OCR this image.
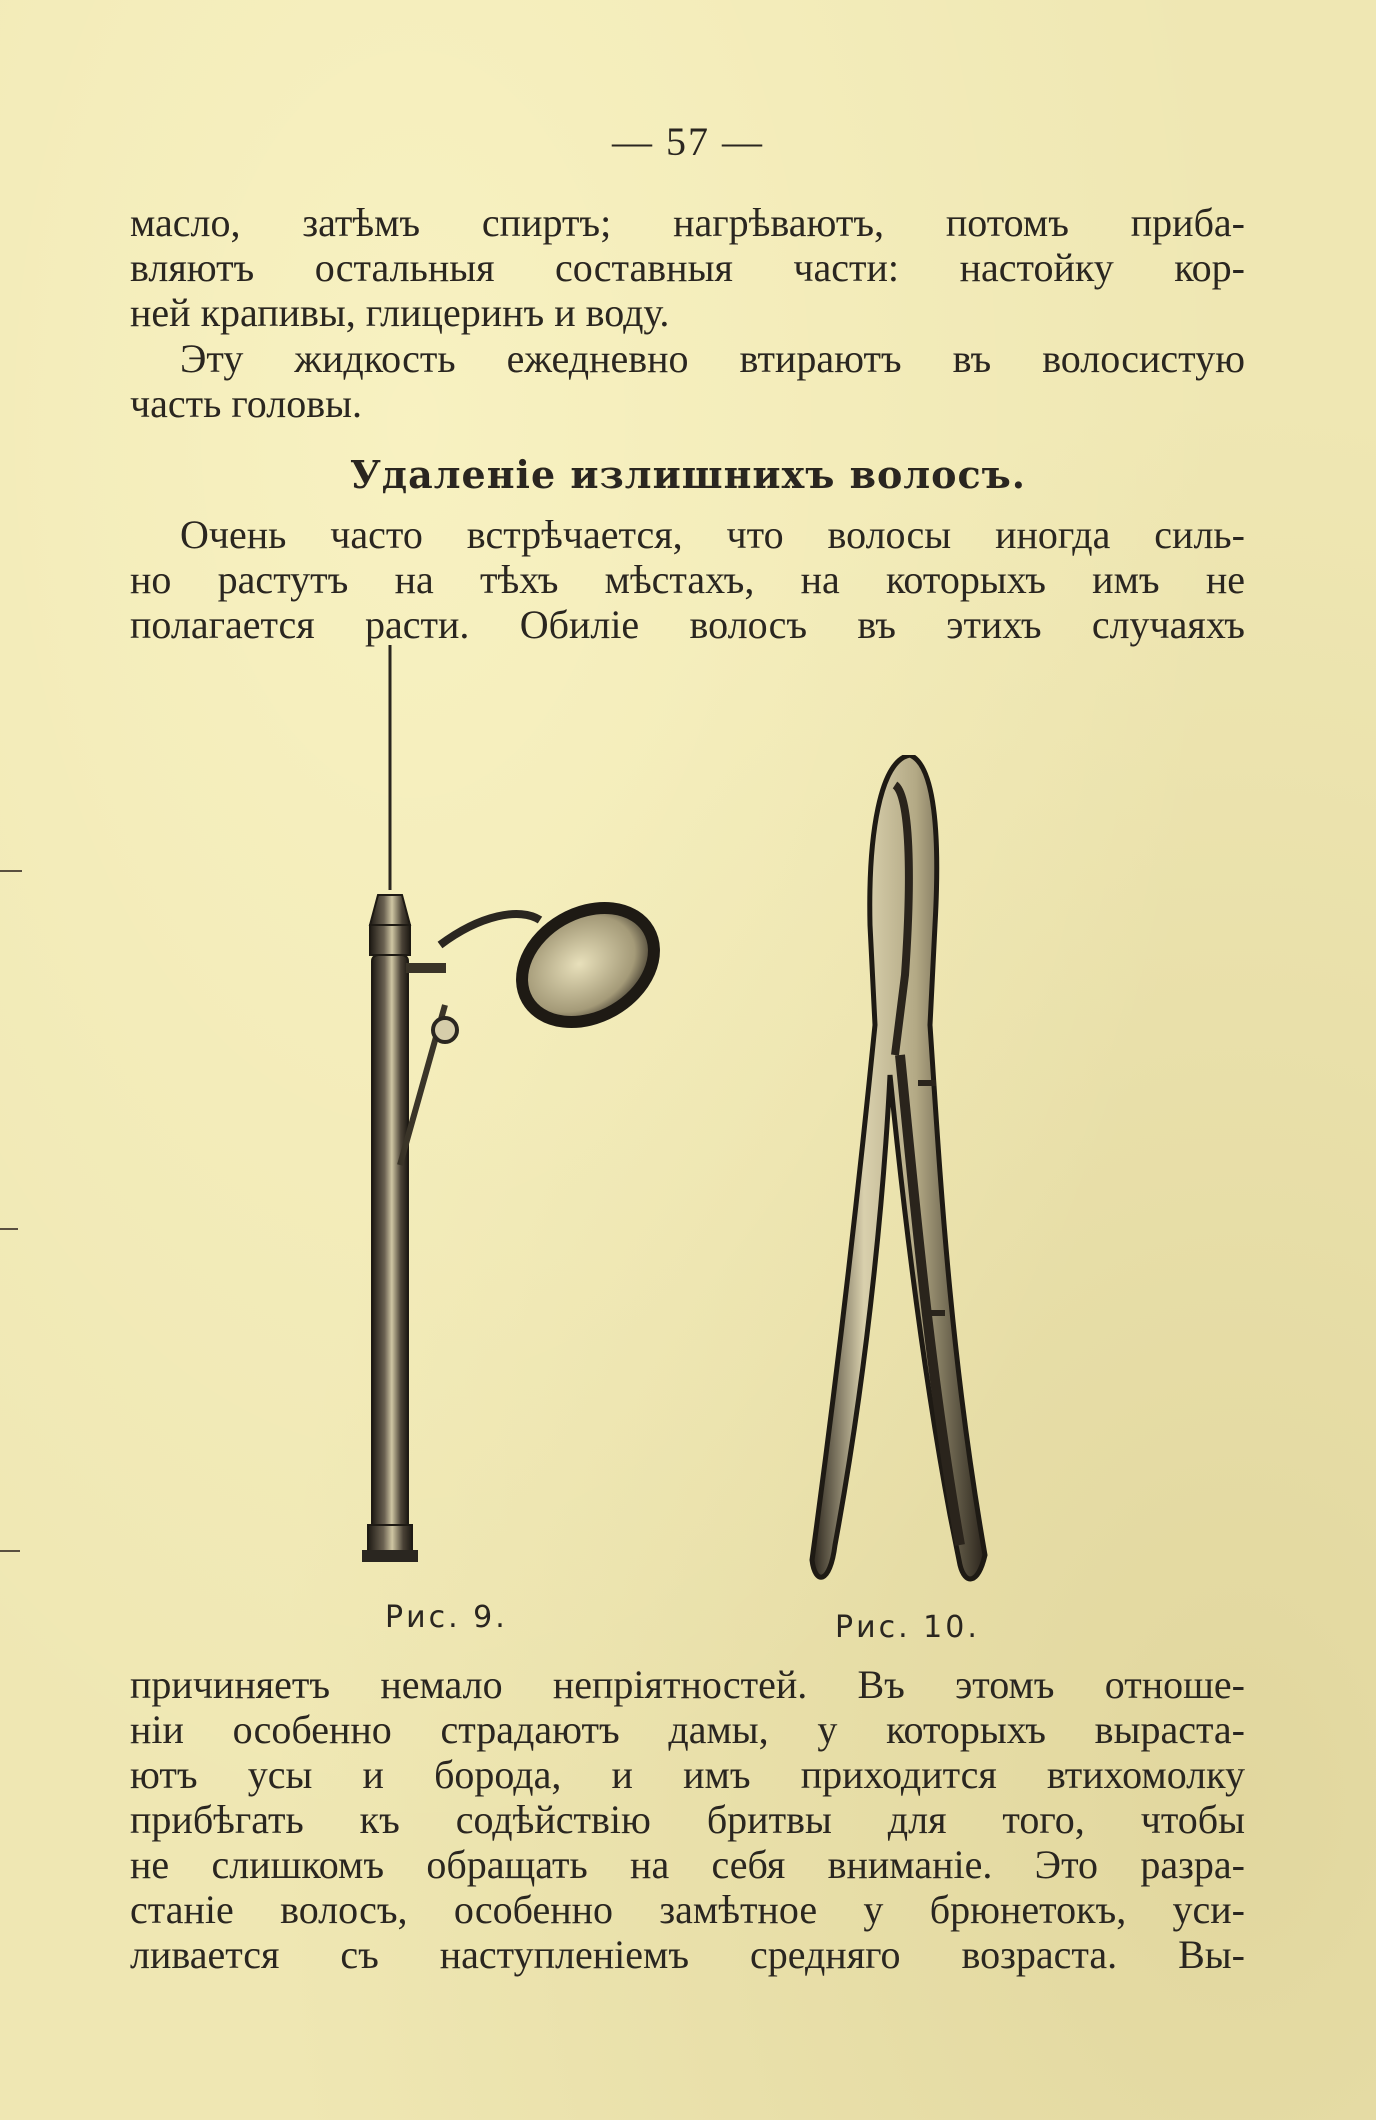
— 57 —
масло, затѣмъ спиртъ; нагрѣваютъ, потомъ приба-
вляютъ остальныя составныя части: настойку кор-
ней крапивы, глицеринъ и воду.
Эту жидкость ежедневно втираютъ въ волосистую
часть головы.
Удаленіе излишнихъ волосъ.
Очень часто встрѣчается, что волосы иногда силь-
но растутъ на тѣхъ мѣстахъ, на которыхъ имъ не
полагается расти. Обиліе волосъ въ этихъ случаяхъ
Рис. 9.	Рис. 10.
причиняетъ немало непріятностей. Въ этомъ отноше-
ніи особенно страдаютъ дамы, у которыхъ выраста-
ютъ усы и борода, и имъ приходится втихомолку
прибѣгать къ содѣйствію бритвы для того, чтобы
не слишкомъ обращать на себя вниманіе. Это разра-
станіе волосъ, особенно замѣтное у брюнетокъ, уси-
ливается съ наступленіемъ средняго возраста. Вы-
